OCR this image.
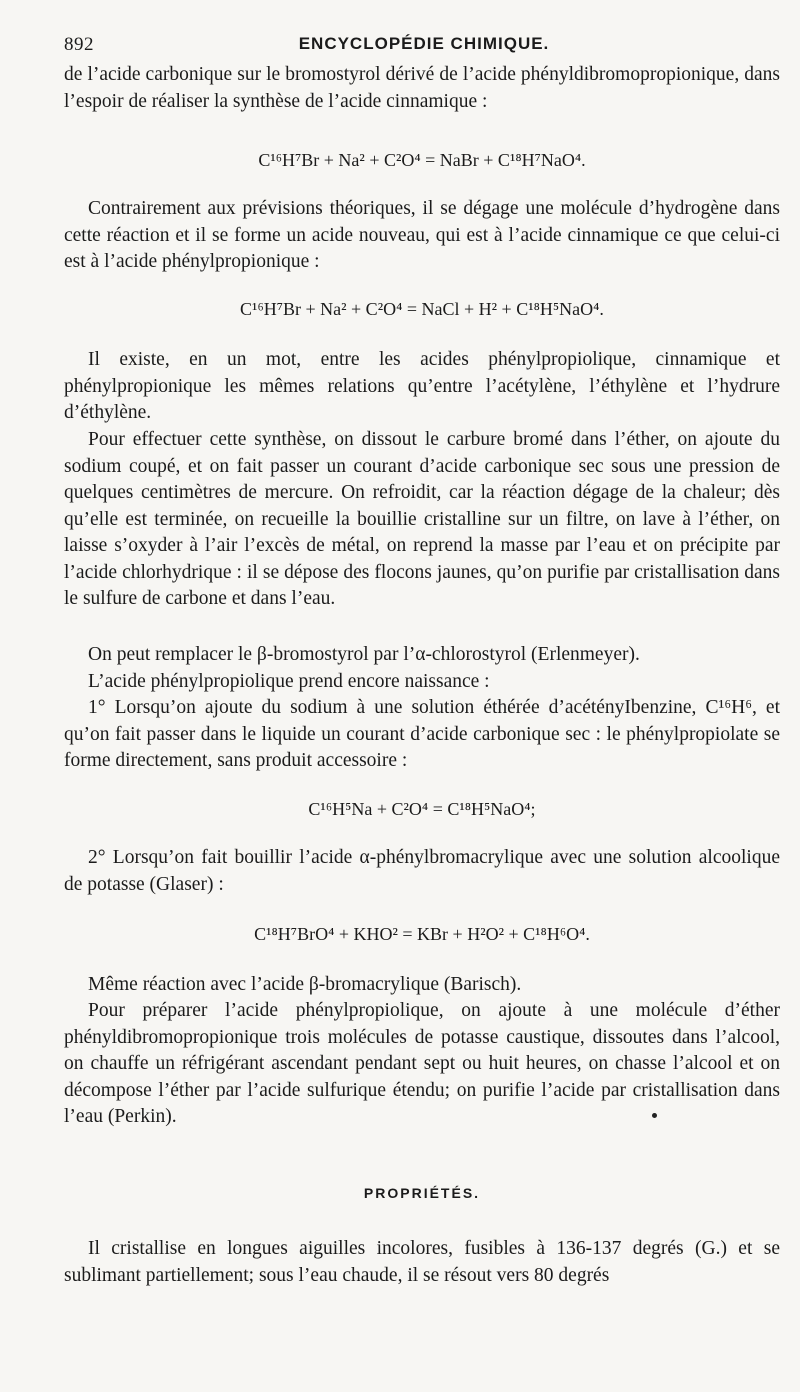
892	ENCYCLOPÉDIE CHIMIQUE.

de l’acide carbonique sur le bromostyrol dérivé de l’acide phényldibromopropionique, dans l’espoir de réaliser la synthèse de l’acide cinnamique :

C¹⁶H⁷Br + Na² + C²O⁴ = NaBr + C¹⁸H⁷NaO⁴.

Contrairement aux prévisions théoriques, il se dégage une molécule d’hydrogène dans cette réaction et il se forme un acide nouveau, qui est à l’acide cinnamique ce que celui-ci est à l’acide phénylpropionique :

C¹⁶H⁷Br + Na² + C²O⁴ = NaCl + H² + C¹⁸H⁵NaO⁴.

Il existe, en un mot, entre les acides phénylpropiolique, cinnamique et phénylpropionique les mêmes relations qu’entre l’acétylène, l’éthylène et l’hydrure d’éthylène.

Pour effectuer cette synthèse, on dissout le carbure bromé dans l’éther, on ajoute du sodium coupé, et on fait passer un courant d’acide carbonique sec sous une pression de quelques centimètres de mercure. On refroidit, car la réaction dégage de la chaleur; dès qu’elle est terminée, on recueille la bouillie cristalline sur un filtre, on lave à l’éther, on laisse s’oxyder à l’air l’excès de métal, on reprend la masse par l’eau et on précipite par l’acide chlorhydrique : il se dépose des flocons jaunes, qu’on purifie par cristallisation dans le sulfure de carbone et dans l’eau.

On peut remplacer le β-bromostyrol par l’α-chlorostyrol (Erlenmeyer).

L’acide phénylpropiolique prend encore naissance :

1° Lorsqu’on ajoute du sodium à une solution éthérée d’acétényIbenzine, C¹⁶H⁶, et qu’on fait passer dans le liquide un courant d’acide carbonique sec : le phénylpropiolate se forme directement, sans produit accessoire :

C¹⁶H⁵Na + C²O⁴ = C¹⁸H⁵NaO⁴;

2° Lorsqu’on fait bouillir l’acide α-phénylbromacrylique avec une solution alcoolique de potasse (Glaser) :

C¹⁸H⁷BrO⁴ + KHO² = KBr + H²O² + C¹⁸H⁶O⁴.

Même réaction avec l’acide β-bromacrylique (Barisch).

Pour préparer l’acide phénylpropiolique, on ajoute à une molécule d’éther phényldibromopropionique trois molécules de potasse caustique, dissoutes dans l’alcool, on chauffe un réfrigérant ascendant pendant sept ou huit heures, on chasse l’alcool et on décompose l’éther par l’acide sulfurique étendu; on purifie l’acide par cristallisation dans l’eau (Perkin).

PROPRIÉTÉS.

Il cristallise en longues aiguilles incolores, fusibles à 136-137 degrés (G.) et se sublimant partiellement; sous l’eau chaude, il se résout vers 80 degrés
